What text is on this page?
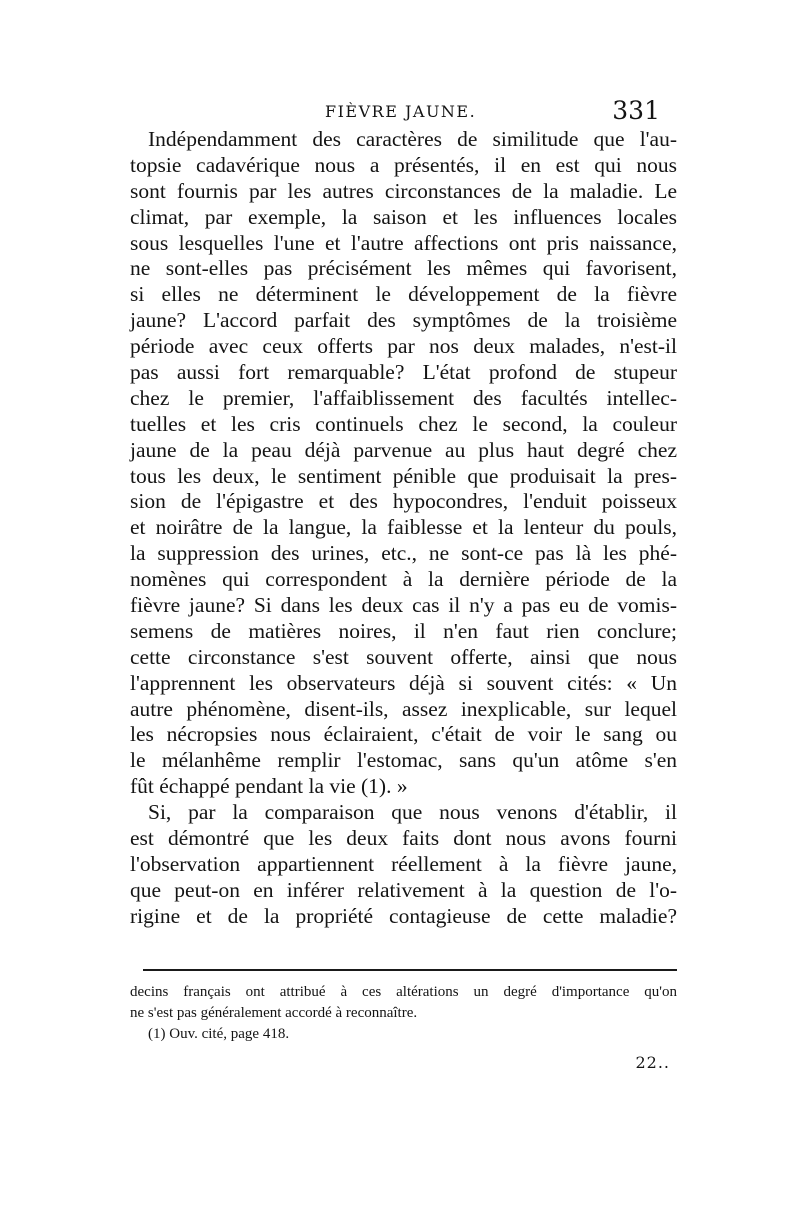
FIÈVRE JAUNE.	331
Indépendamment des caractères de similitude que l'au-
topsie cadavérique nous a présentés, il en est qui nous
sont fournis par les autres circonstances de la maladie. Le
climat, par exemple, la saison et les influences locales
sous lesquelles l'une et l'autre affections ont pris naissance,
ne sont-elles pas précisément les mêmes qui favorisent,
si elles ne déterminent le développement de la fièvre
jaune? L'accord parfait des symptômes de la troisième
période avec ceux offerts par nos deux malades, n'est-il
pas aussi fort remarquable? L'état profond de stupeur
chez le premier, l'affaiblissement des facultés intellec-
tuelles et les cris continuels chez le second, la couleur
jaune de la peau déjà parvenue au plus haut degré chez
tous les deux, le sentiment pénible que produisait la pres-
sion de l'épigastre et des hypocondres, l'enduit poisseux
et noirâtre de la langue, la faiblesse et la lenteur du pouls,
la suppression des urines, etc., ne sont-ce pas là les phé-
nomènes qui correspondent à la dernière période de la
fièvre jaune? Si dans les deux cas il n'y a pas eu de vomis-
semens de matières noires, il n'en faut rien conclure;
cette circonstance s'est souvent offerte, ainsi que nous
l'apprennent les observateurs déjà si souvent cités: « Un
autre phénomène, disent-ils, assez inexplicable, sur lequel
les nécropsies nous éclairaient, c'était de voir le sang ou
le mélanhême remplir l'estomac, sans qu'un atôme s'en
fût échappé pendant la vie (1). »
Si, par la comparaison que nous venons d'établir, il
est démontré que les deux faits dont nous avons fourni
l'observation appartiennent réellement à la fièvre jaune,
que peut-on en inférer relativement à la question de l'o-
rigine et de la propriété contagieuse de cette maladie?
decins français ont attribué à ces altérations un degré d'importance qu'on
ne s'est pas généralement accordé à reconnaître.
(1) Ouv. cité, page 418.
22..
